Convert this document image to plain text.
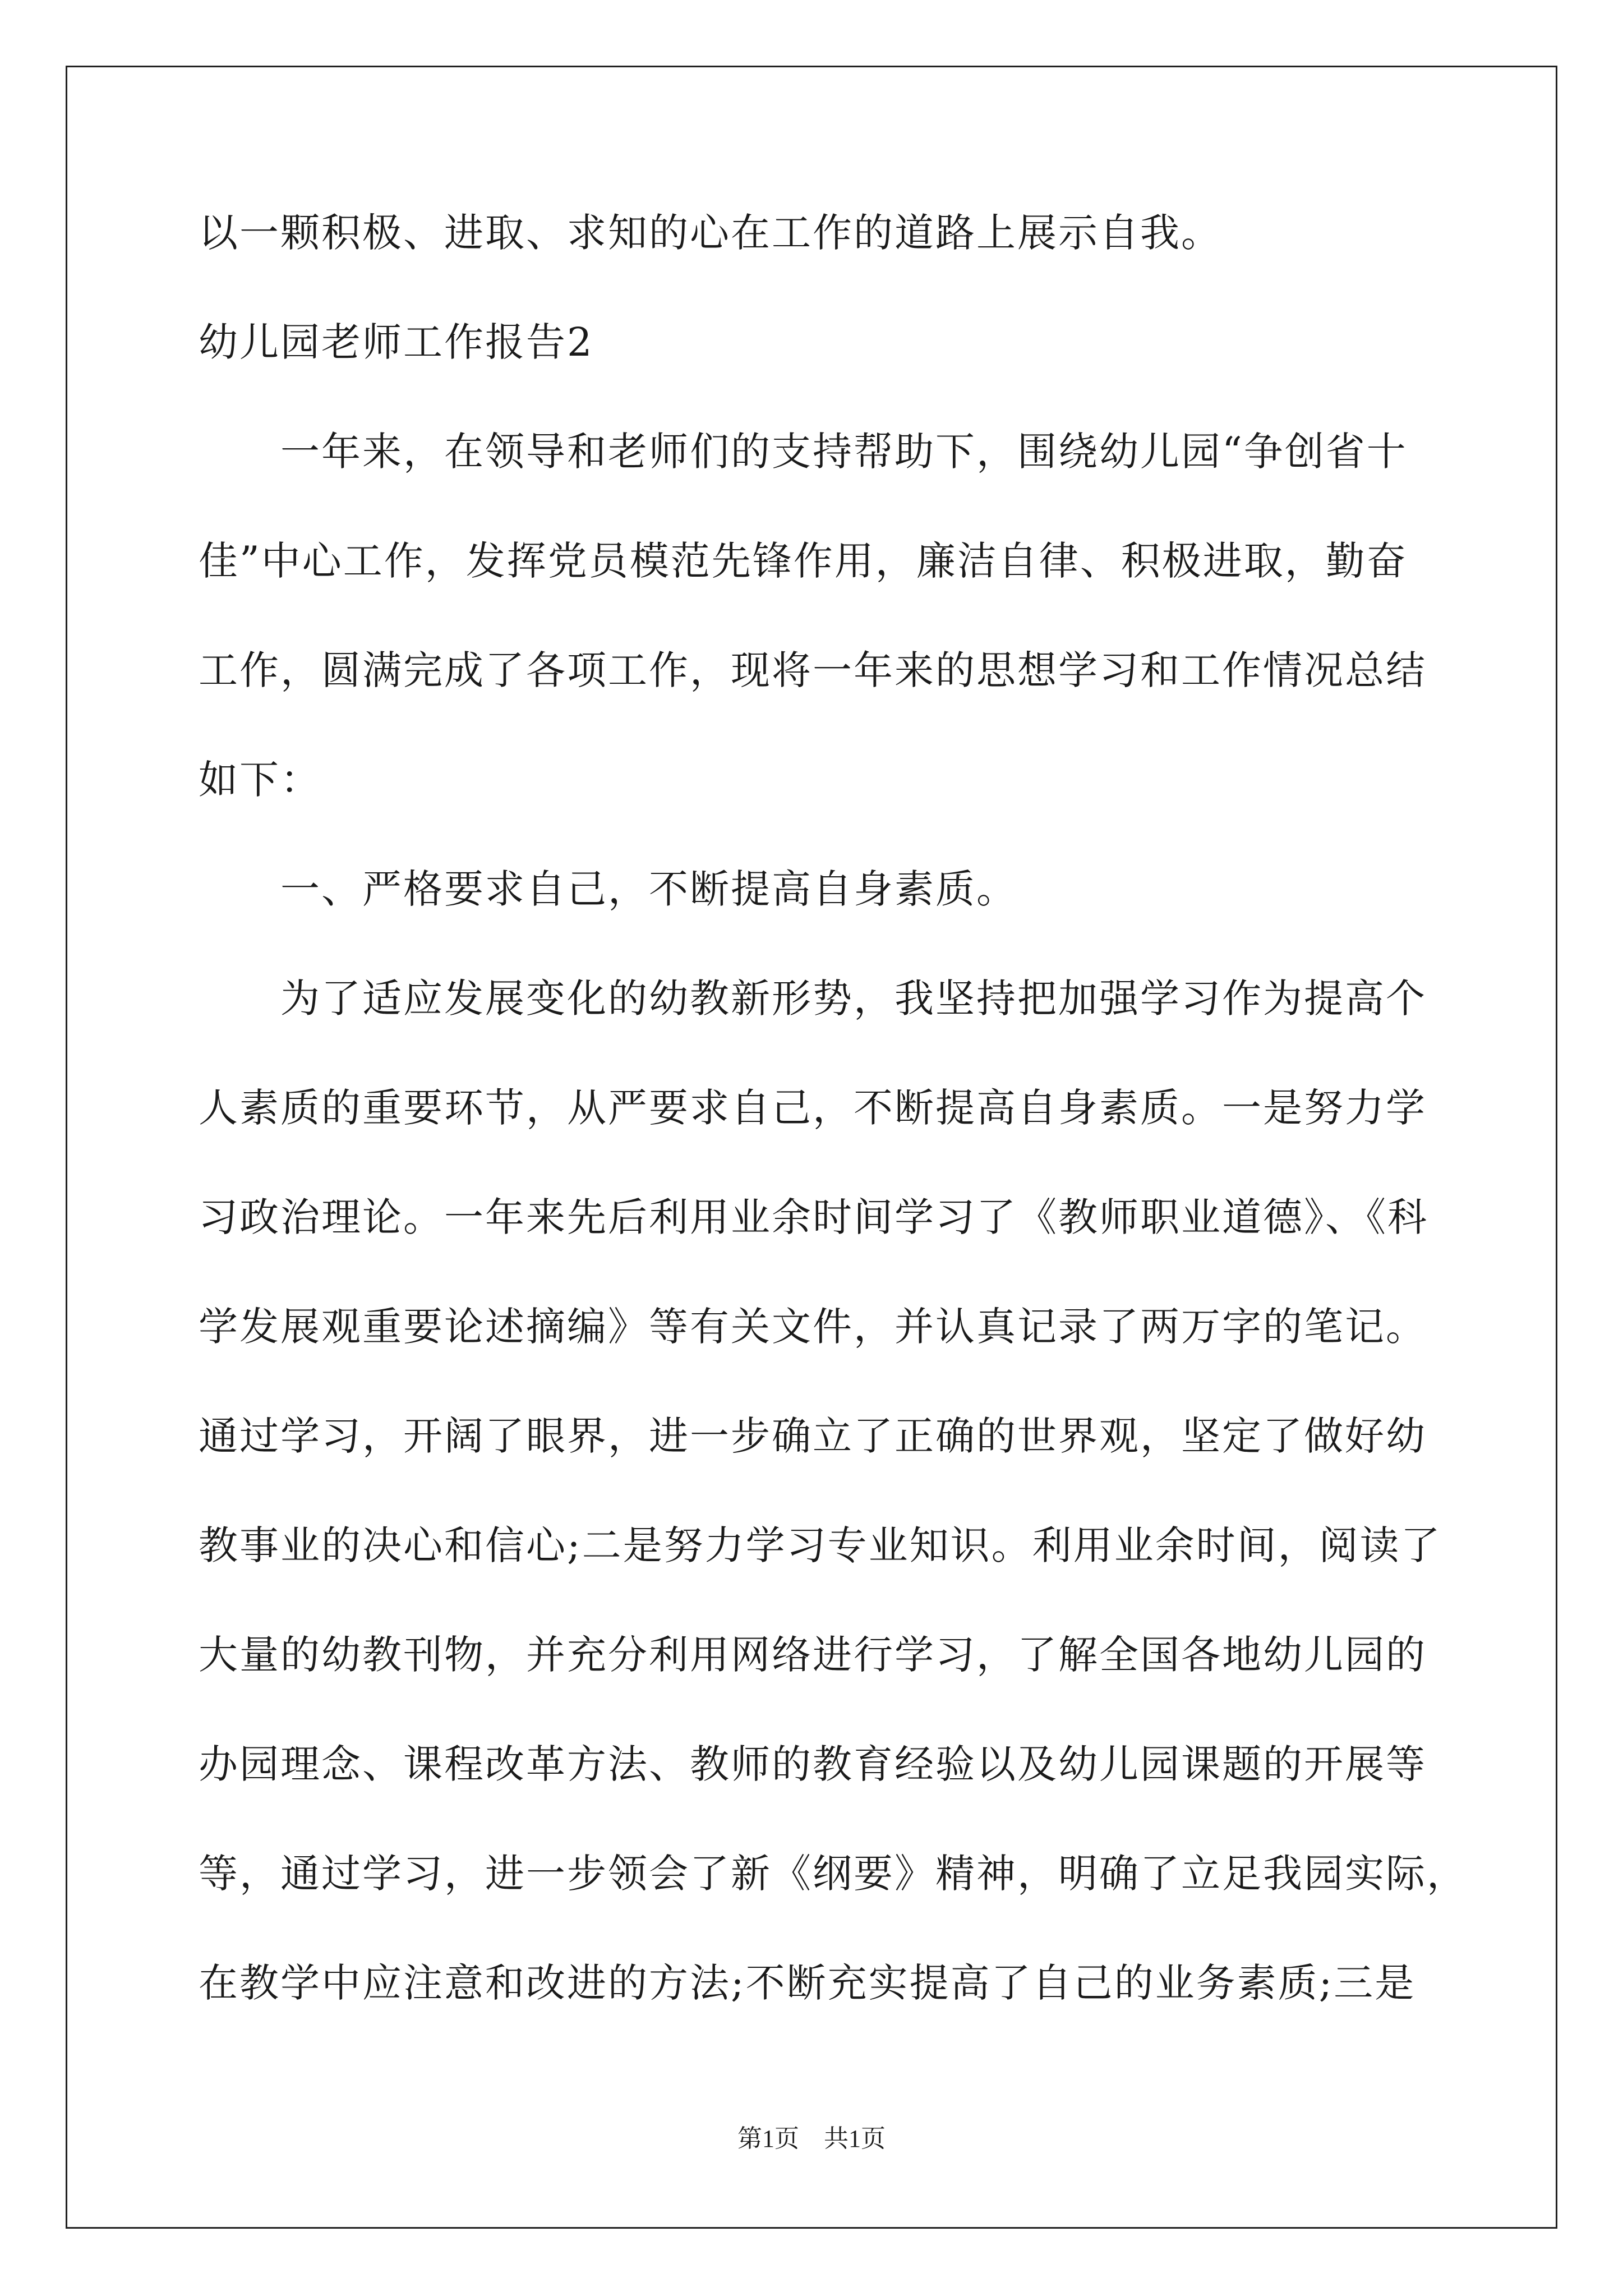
以一颗积极、进取、求知的心在工作的道路上展示自我。
幼儿园老师工作报告2
一年来，在领导和老师们的支持帮助下，围绕幼儿园“争创省十
佳”中心工作，发挥党员模范先锋作用，廉洁自律、积极进取，勤奋
工作，圆满完成了各项工作，现将一年来的思想学习和工作情况总结
如下：
一、严格要求自己，不断提高自身素质。
为了适应发展变化的幼教新形势，我坚持把加强学习作为提高个
人素质的重要环节，从严要求自己，不断提高自身素质。一是努力学
习政治理论。一年来先后利用业余时间学习了《教师职业道德》、《科
学发展观重要论述摘编》等有关文件，并认真记录了两万字的笔记。
通过学习，开阔了眼界，进一步确立了正确的世界观，坚定了做好幼
教事业的决心和信心;二是努力学习专业知识。利用业余时间，阅读了
大量的幼教刊物，并充分利用网络进行学习，了解全国各地幼儿园的
办园理念、课程改革方法、教师的教育经验以及幼儿园课题的开展等
等，通过学习，进一步领会了新《纲要》精神，明确了立足我园实际，
在教学中应注意和改进的方法;不断充实提高了自己的业务素质;三是
第1页　共1页
